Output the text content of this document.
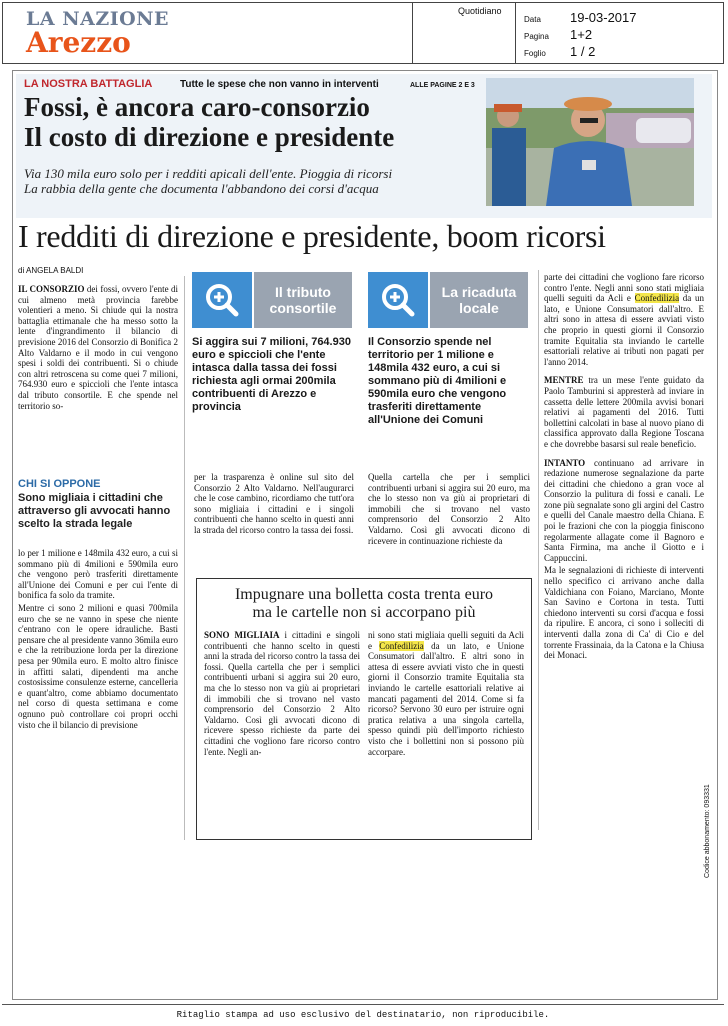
LA NAZIONE
Arezzo
Quotidiano
Data 19-03-2017
Pagina 1+2
Foglio 1 / 2
LA NOSTRA BATTAGLIA	Tutte le spese che non vanno in interventi	ALLE PAGINE 2 E 3
Fossi, è ancora caro-consorzio
Il costo di direzione e presidente
Via 130 mila euro solo per i redditi apicali dell'ente. Pioggia di ricorsi
La rabbia della gente che documenta l'abbandono dei corsi d'acqua
I redditi di direzione e presidente, boom ricorsi
di ANGELA BALDI
IL CONSORZIO dei fossi, ovvero l'ente di cui almeno metà provincia farebbe volentieri a meno. Si chiude qui la nostra battaglia ettimanale che ha messo sotto la lente d'ingrandimento il bilancio di previsione 2016 del Consorzio di Bonifica 2 Alto Valdarno e il modo in cui vengono spesi i soldi dei contribuenti. Si o chiude con altri retroscena su come quei 7 milioni, 764.930 euro e spiccioli che l'ente intasca dal tributo consortile. E che spende nel territorio so-
CHI SI OPPONE
Sono migliaia i cittadini che attraverso gli avvocati hanno scelto la strada legale

lo per 1 milione e 148mila 432 euro, a cui si sommano più di 4milioni e 590mila euro che vengono però trasferiti direttamente all'Unione dei Comuni e per cui l'ente di bonifica fa solo da tramite.

Mentre ci sono 2 milioni e quasi 700mila euro che se ne vanno in spese che niente c'entrano con le opere idrauliche. Basti pensare che al presidente vanno 36mila euro e che la retribuzione lorda per la direzione pesa per 90mila euro. E molto altro finisce in affitti salati, dipendenti ma anche costosissime consulenze esterne, cancelleria e quant'altro, come abbiamo documentato nel corso di questa settimana e come ognuno può controllare coi propri occhi visto che il bilancio di previsione

Il tributo consortile
La ricaduta locale
Si aggira sui 7 milioni, 764.930 euro e spiccioli che l'ente intasca dalla tassa dei fossi richiesta agli ormai 200mila contribuenti di Arezzo e provincia
Il Consorzio spende nel territorio per 1 milione e 148mila 432 euro, a cui si sommano più di 4milioni e 590mila euro che vengono trasferiti direttamente all'Unione dei Comuni
per la trasparenza è online sul sito del Consorzio 2 Alto Valdarno. Nell'augurarci che le cose cambino, ricordiamo che tutt'ora sono migliaia i cittadini e i singoli contribuenti che hanno scelto in questi anni la strada del ricorso contro la tassa dei fossi.
Quella cartella che per i semplici contribuenti urbani si aggira sui 20 euro, ma che lo stesso non va giù ai proprietari di immobili che si trovano nel vasto comprensorio del Consorzio 2 Alto Valdarno. Così gli avvocati dicono di ricevere in continuazione richieste da

parte dei cittadini che vogliono fare ricorso contro l'ente. Negli anni sono stati migliaia quelli seguiti da Acli e Confedilizia da un lato, e Unione Consumatori dall'altro. E altri sono in attesa di essere avviati visto che proprio in questi giorni il Consorzio tramite Equitalia sta inviando le cartelle esattoriali relative ai tributi non pagati per l'anno 2014.

MENTRE tra un mese l'ente guidato da Paolo Tamburini si appresterà ad inviare in cassetta delle lettere 200mila avvisi bonari relativi ai pagamenti del 2016. Tutti bollettini calcolati in base al nuovo piano di classifica approvato dalla Regione Toscana e che dovrebbe basarsi sul reale beneficio.

INTANTO continuano ad arrivare in redazione numerose segnalazione da parte dei cittadini che chiedono a gran voce al Consorzio la pulitura di fossi e canali. Le zone più segnalate sono gli argini del Castro e quelli del Canale maestro della Chiana. E poi le frazioni che con la pioggia finiscono regolarmente allagate come il Bagnoro e Santa Firmina, ma anche il Giotto e i Cappuccini.

Ma le segnalazioni di richieste di interventi nello specifico ci arrivano anche dalla Valdichiana con Foiano, Marciano, Monte San Savino e Cortona in testa. Tutti chiedono interventi su corsi d'acqua e fossi da ripulire. E ancora, ci sono i solleciti di interventi dalla zona di Ca' di Cio e del torrente Frassinaia, da la Catona e la Chiusa dei Monaci.

Impugnare una bolletta costa trenta euro
ma le cartelle non si accorpano più
SONO MIGLIAIA i cittadini e singoli contribuenti che hanno scelto in questi anni la strada del ricorso contro la tassa dei fossi. Quella cartella che per i semplici contribuenti urbani si aggira sui 20 euro, ma che lo stesso non va giù ai proprietari di immobili che si trovano nel vasto comprensorio del Consorzio 2 Alto Valdarno. Così gli avvocati dicono di ricevere spesso richieste da parte dei cittadini che vogliono fare ricorso contro l'ente. Negli an-
ni sono stati migliaia quelli seguiti da Acli e Confedilizia da un lato, e Unione Consumatori dall'altro. E altri sono in attesa di essere avviati visto che in questi giorni il Consorzio tramite Equitalia sta inviando le cartelle esattoriali relative ai mancati pagamenti del 2014. Come si fa ricorso? Servono 30 euro per istruire ogni pratica relativa a una singola cartella, spesso quindi più dell'importo richiesto visto che i bollettini non si possono più accorpare.
Codice abbonamento: 093331
Ritaglio stampa ad uso esclusivo del destinatario, non riproducibile.
